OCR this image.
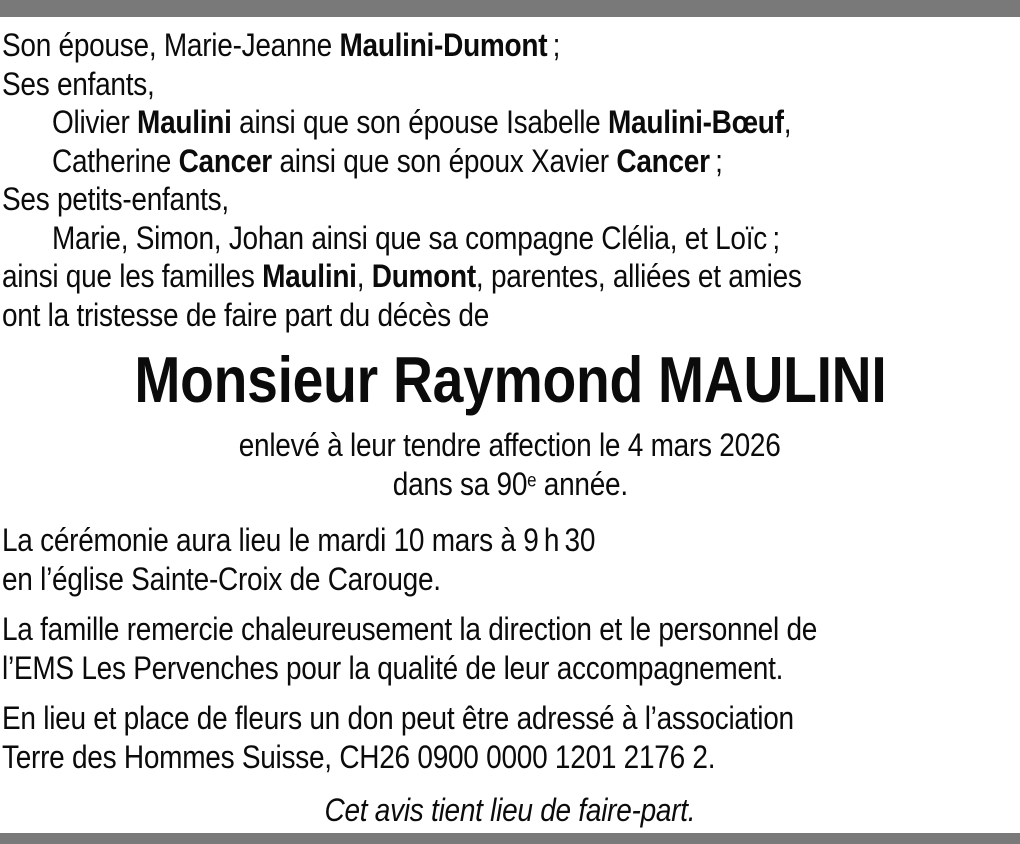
Son épouse, Marie-Jeanne Maulini-Dumont ;
Ses enfants,
Olivier Maulini ainsi que son épouse Isabelle Maulini-Bœuf,
Catherine Cancer ainsi que son époux Xavier Cancer ;
Ses petits-enfants,
Marie, Simon, Johan ainsi que sa compagne Clélia, et Loïc ;
ainsi que les familles Maulini, Dumont, parentes, alliées et amies
ont la tristesse de faire part du décès de
Monsieur Raymond MAULINI
enlevé à leur tendre affection le 4 mars 2026
dans sa 90e année.
La cérémonie aura lieu le mardi 10 mars à 9 h 30
en l’église Sainte-Croix de Carouge.
La famille remercie chaleureusement la direction et le personnel de
l’EMS Les Pervenches pour la qualité de leur accompagnement.
En lieu et place de fleurs un don peut être adressé à l’association
Terre des Hommes Suisse, CH26 0900 0000 1201 2176 2.
Cet avis tient lieu de faire-part.
